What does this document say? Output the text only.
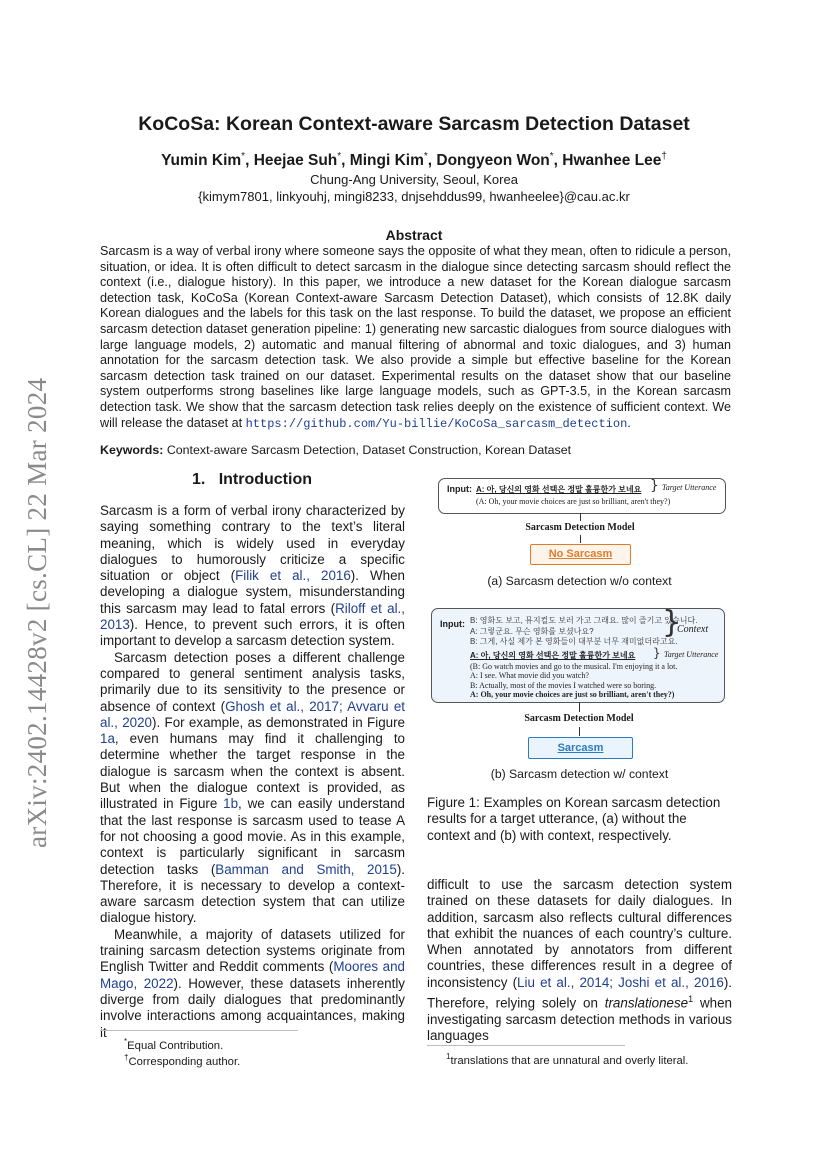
arXiv:2402.14428v2 [cs.CL] 22 Mar 2024
KoCoSa: Korean Context-aware Sarcasm Detection Dataset
Yumin Kim*, Heejae Suh*, Mingi Kim*, Dongyeon Won*, Hwanhee Lee†
Chung-Ang University, Seoul, Korea
{kimym7801, linkyouhj, mingi8233, dnjsehddus99, hwanheelee}@cau.ac.kr
Abstract
Sarcasm is a way of verbal irony where someone says the opposite of what they mean, often to ridicule a person, situation, or idea. It is often difficult to detect sarcasm in the dialogue since detecting sarcasm should reflect the context (i.e., dialogue history). In this paper, we introduce a new dataset for the Korean dialogue sarcasm detection task, KoCoSa (Korean Context-aware Sarcasm Detection Dataset), which consists of 12.8K daily Korean dialogues and the labels for this task on the last response. To build the dataset, we propose an efficient sarcasm detection dataset generation pipeline: 1) generating new sarcastic dialogues from source dialogues with large language models, 2) automatic and manual filtering of abnormal and toxic dialogues, and 3) human annotation for the sarcasm detection task. We also provide a simple but effective baseline for the Korean sarcasm detection task trained on our dataset. Experimental results on the dataset show that our baseline system outperforms strong baselines like large language models, such as GPT-3.5, in the Korean sarcasm detection task. We show that the sarcasm detection task relies deeply on the existence of sufficient context. We will release the dataset at https://github.com/Yu-billie/KoCoSa_sarcasm_detection.
Keywords: Context-aware Sarcasm Detection, Dataset Construction, Korean Dataset
1. Introduction

Sarcasm is a form of verbal irony characterized by saying something contrary to the text’s literal meaning, which is widely used in everyday dialogues to humorously criticize a specific situation or object (Filik et al., 2016). When developing a dialogue system, misunderstanding this sarcasm may lead to fatal errors (Riloff et al., 2013). Hence, to prevent such errors, it is often important to develop a sarcasm detection system.

Sarcasm detection poses a different challenge compared to general sentiment analysis tasks, primarily due to its sensitivity to the presence or absence of context (Ghosh et al., 2017; Avvaru et al., 2020). For example, as demonstrated in Figure 1a, even humans may find it challenging to determine whether the target response in the dialogue is sarcasm when the context is absent. But when the dialogue context is provided, as illustrated in Figure 1b, we can easily understand that the last response is sarcasm used to tease A for not choosing a good movie. As in this example, context is particularly significant in sarcasm detection tasks (Bamman and Smith, 2015). Therefore, it is necessary to develop a context-aware sarcasm detection system that can utilize dialogue history.

Meanwhile, a majority of datasets utilized for training sarcasm detection systems originate from English Twitter and Reddit comments (Moores and Mago, 2022). However, these datasets inherently diverge from daily dialogues that predominantly involve interactions among acquaintances, making it

*Equal Contribution.
†Corresponding author.
Input: A: 아, 당신의 영화 선택은 정말 훌륭한가 보네요
(A: Oh, your movie choices are just so brilliant, aren't they?)
} Target Utterance
Sarcasm Detection Model
No Sarcasm
(a) Sarcasm detection w/o context
Input: B: 영화도 보고, 뮤지컬도 보러 가고 그래요. 많이 즐기고 있습니다.
A: 그렇군요. 무슨 영화를 보셨나요?
B: 그게, 사실 제가 본 영화들이 대부분 너무 재미없더라고요.
A: 아, 당신의 영화 선택은 정말 훌륭한가 보네요
(B: Go watch movies and go to the musical. I'm enjoying it a lot.
A: I see. What movie did you watch?
B: Actually, most of the movies I watched were so boring.
A: Oh, your movie choices are just so brilliant, aren't they?)
}
Context
} Target Utterance
Sarcasm Detection Model
Sarcasm
(b) Sarcasm detection w/ context
Figure 1: Examples on Korean sarcasm detection results for a target utterance, (a) without the context and (b) with context, respectively.

difficult to use the sarcasm detection system trained on these datasets for daily dialogues. In addition, sarcasm also reflects cultural differences that exhibit the nuances of each country’s culture. When annotated by annotators from different countries, these differences result in a degree of inconsistency (Liu et al., 2014; Joshi et al., 2016). Therefore, relying solely on translationese$^1$ when investigating sarcasm detection methods in various languages

$^1$translations that are unnatural and overly literal.
